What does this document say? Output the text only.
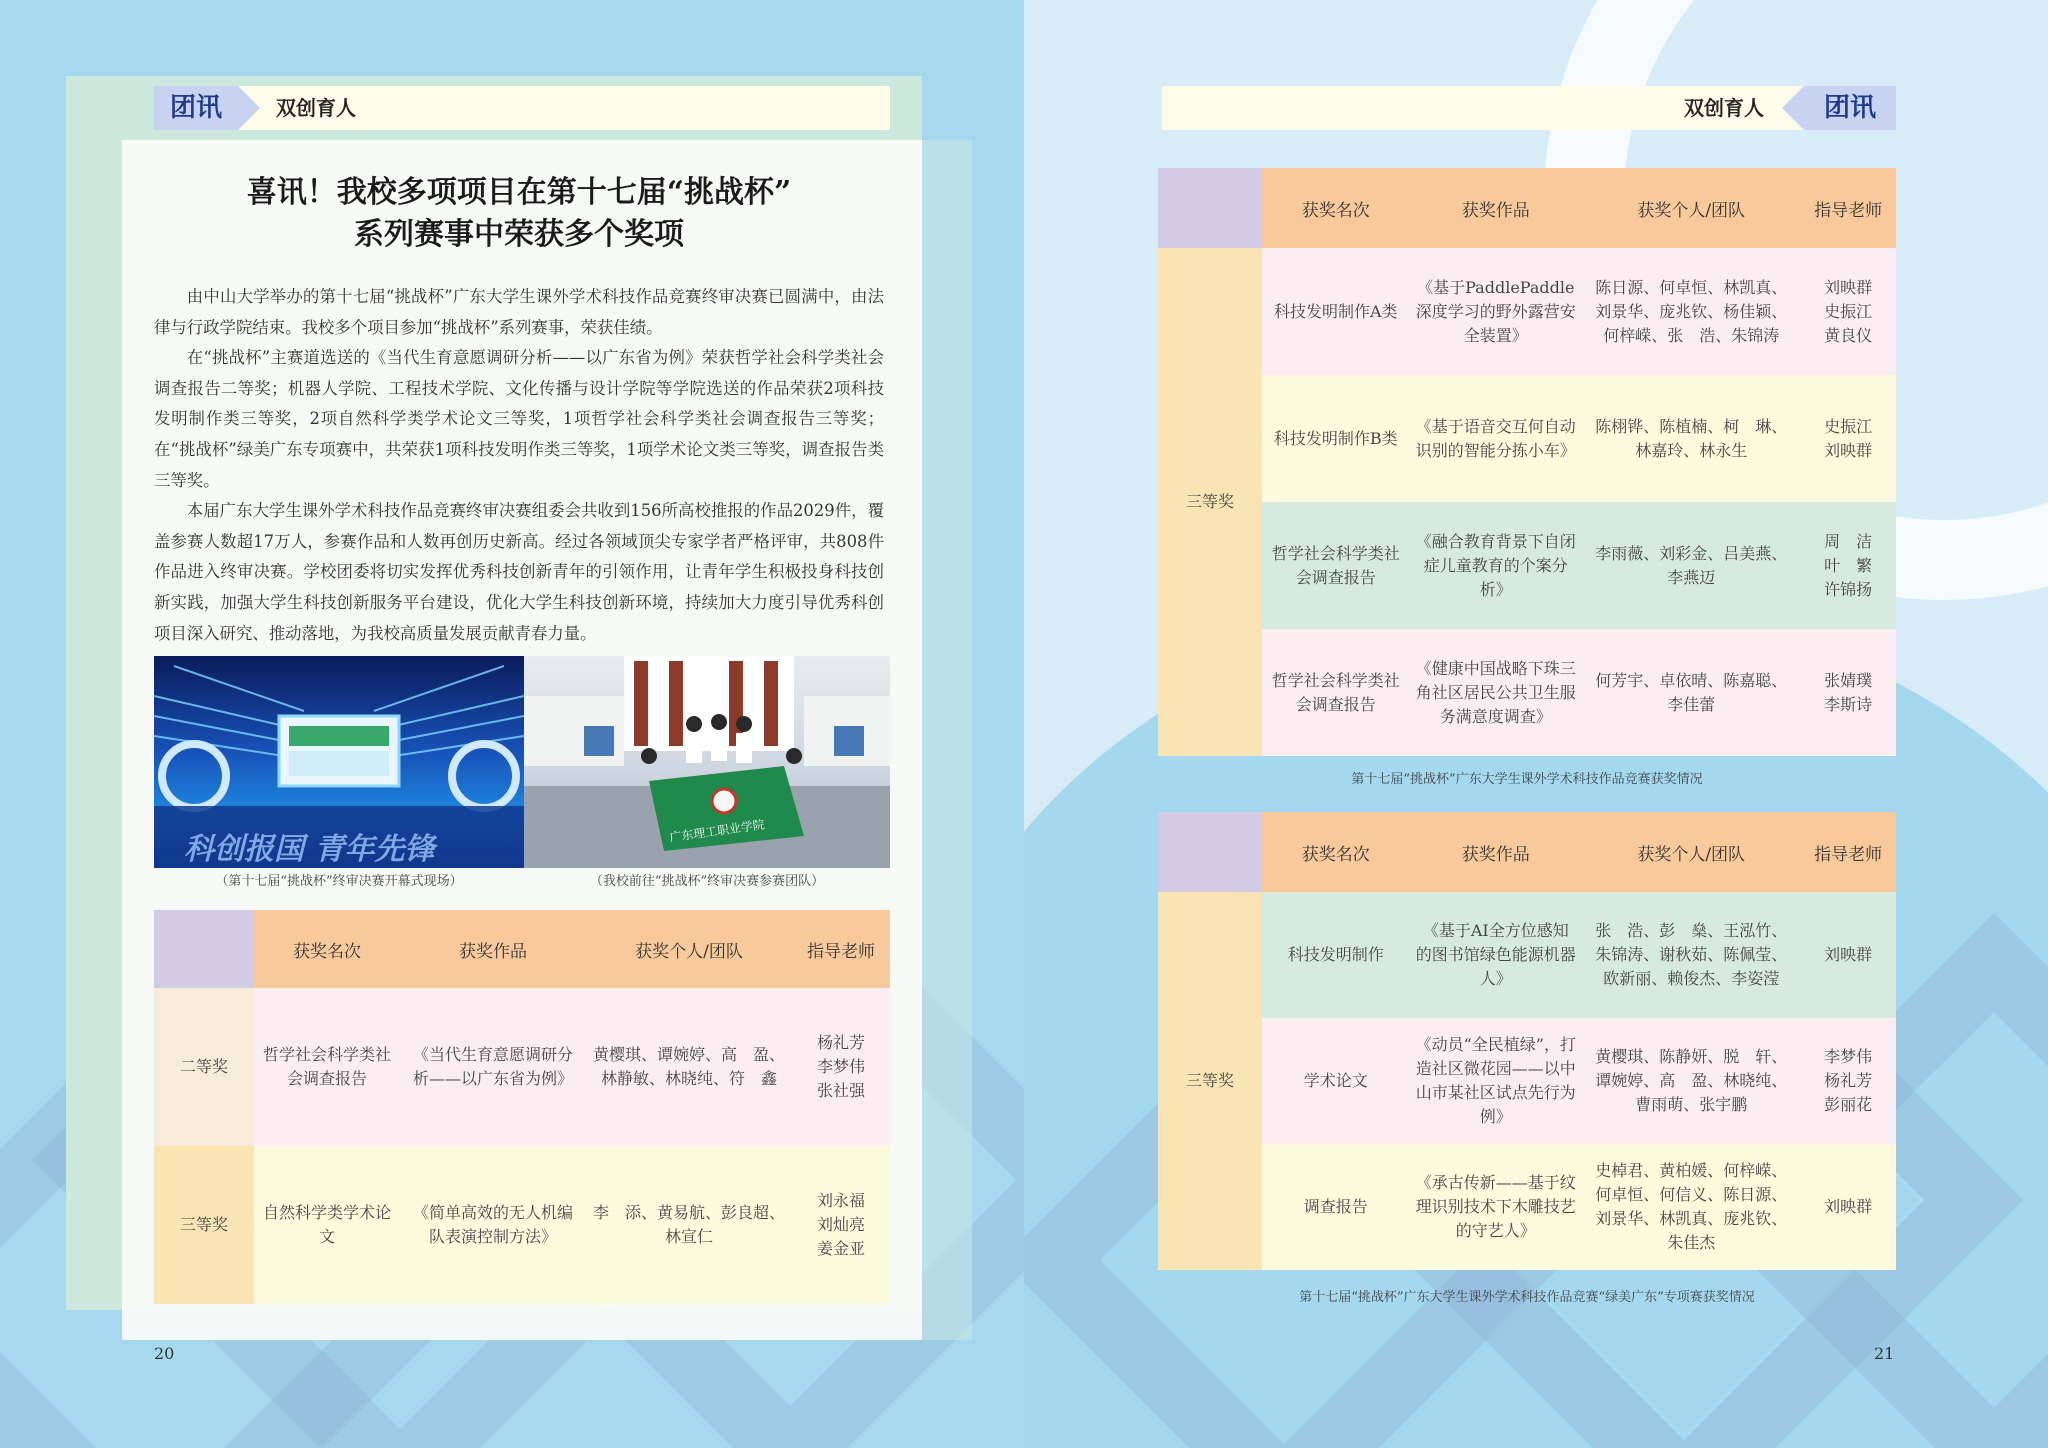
团讯	双创育人
喜讯！我校多项项目在第十七届“挑战杯”
系列赛事中荣获多个奖项

由中山大学举办的第十七届“挑战杯”广东大学生课外学术科技作品竞赛终审决赛已圆满中，由法律与行政学院结束。我校多个项目参加“挑战杯”系列赛事，荣获佳绩。

在“挑战杯”主赛道选送的《当代生育意愿调研分析——以广东省为例》荣获哲学社会科学类社会调查报告二等奖；机器人学院、工程技术学院、文化传播与设计学院等学院选送的作品荣获2项科技发明制作类三等奖，2项自然科学类学术论文三等奖，1项哲学社会科学类社会调查报告三等奖；在“挑战杯”绿美广东专项赛中，共荣获1项科技发明作类三等奖，1项学术论文类三等奖，调查报告类三等奖。

本届广东大学生课外学术科技作品竞赛终审决赛组委会共收到156所高校推报的作品2029件，覆盖参赛人数超17万人，参赛作品和人数再创历史新高。经过各领域顶尖专家学者严格评审，共808件作品进入终审决赛。学校团委将切实发挥优秀科技创新青年的引领作用，让青年学生积极投身科技创新实践，加强大学生科技创新服务平台建设，优化大学生科技创新环境，持续加大力度引导优秀科创项目深入研究、推动落地，为我校高质量发展贡献青春力量。

科创报国 青年先锋
广东理工职业学院
（第十七届“挑战杯”终审决赛开幕式现场）	（我校前往“挑战杯”终审决赛参赛团队）
	获奖名次	获奖作品	获奖个人/团队	指导老师
二等奖	哲学社会科学类社会调查报告	《当代生育意愿调研分析——以广东省为例》	黄樱琪、谭婉婷、高　盈、林静敏、林晓纯、符　鑫	杨礼芳
李梦伟
张社强
三等奖	自然科学类学术论文	《简单高效的无人机编队表演控制方法》	李　添、黄易航、彭良超、林宣仁	刘永福
刘灿亮
姜金亚
20
团讯
双创育人
	获奖名次	获奖作品	获奖个人/团队	指导老师
三等奖	科技发明制作A类	《基于PaddlePaddle深度学习的野外露营安全装置》	陈日源、何卓恒、林凯真、刘景华、庞兆钦、杨佳颖、何梓嵘、张　浩、朱锦涛	刘映群
史振江
黄良仪
	科技发明制作B类	《基于语音交互何自动识别的智能分拣小车》	陈栩铧、陈植楠、柯　琳、林嘉玲、林永生	史振江
刘映群
	哲学社会科学类社会调查报告	《融合教育背景下自闭症儿童教育的个案分析》	李雨薇、刘彩金、吕美燕、李燕迈	周　洁
叶　繁
许锦扬
	哲学社会科学类社会调查报告	《健康中国战略下珠三角社区居民公共卫生服务满意度调查》	何芳宇、卓依晴、陈嘉聪、李佳蕾	张婧璞
李斯诗
第十七届“挑战杯”广东大学生课外学术科技作品竞赛获奖情况
	获奖名次	获奖作品	获奖个人/团队	指导老师
三等奖	科技发明制作	《基于AI全方位感知的图书馆绿色能源机器人》	张　浩、彭　燊、王泓竹、朱锦涛、谢秋茹、陈佩莹、欧新丽、赖俊杰、李姿滢	刘映群
	学术论文	《动员“全民植绿”，打造社区微花园——以中山市某社区试点先行为例》	黄樱琪、陈静妍、脱　轩、谭婉婷、高　盈、林晓纯、曹雨萌、张宇鹏	李梦伟
杨礼芳
彭丽花
	调查报告	《承古传新——基于纹理识别技术下木雕技艺的守艺人》	史棹君、黄柏媛、何梓嵘、何卓恒、何信义、陈日源、刘景华、林凯真、庞兆钦、朱佳杰	刘映群
第十七届“挑战杯”广东大学生课外学术科技作品竞赛“绿美广东”专项赛获奖情况
21
